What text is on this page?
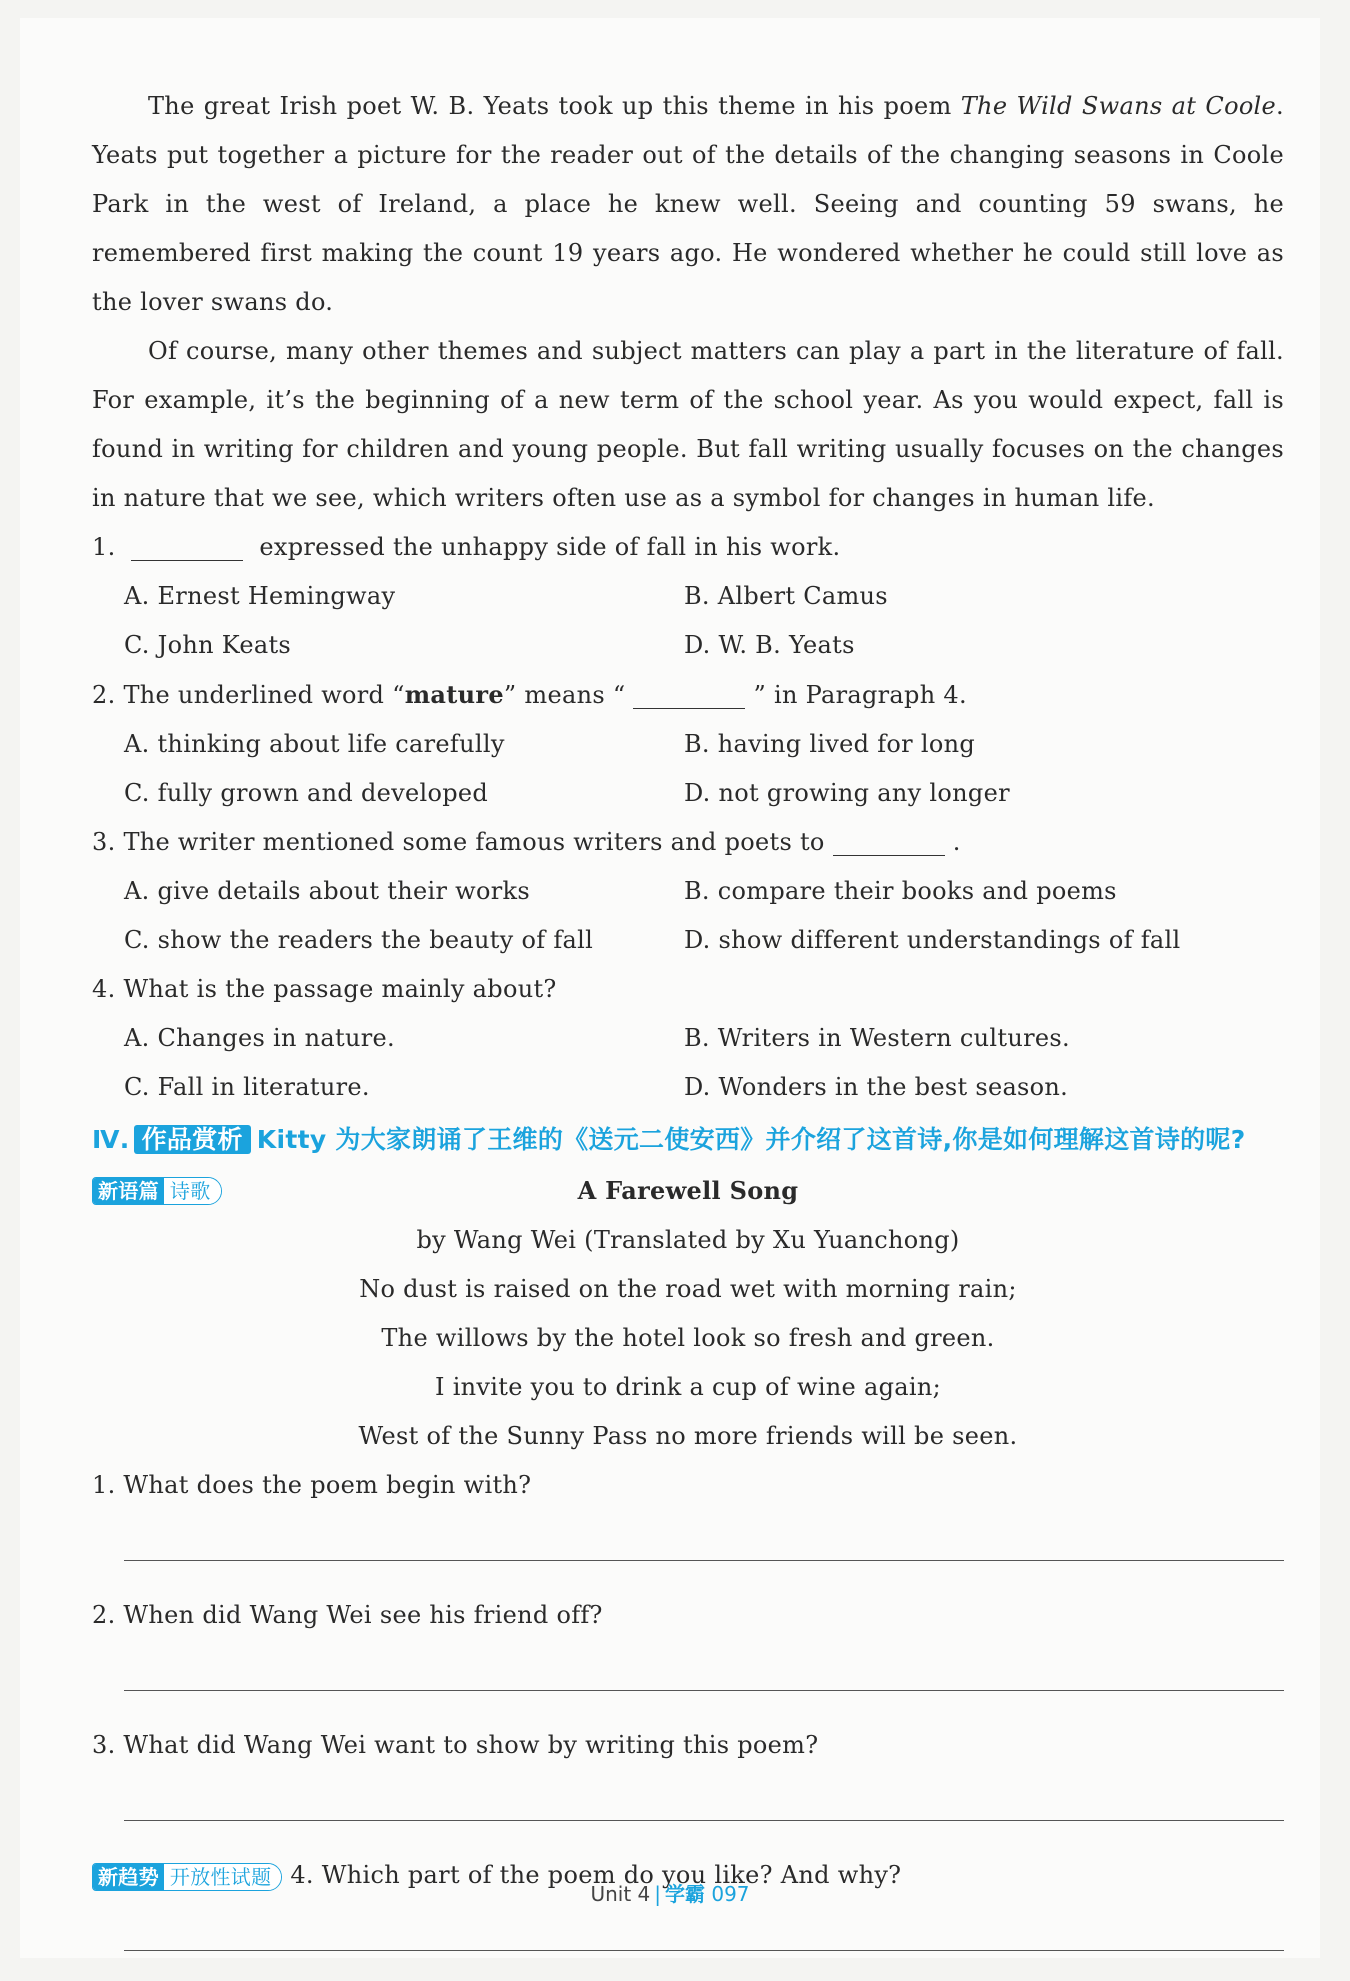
The great Irish poet W. B. Yeats took up this theme in his poem The Wild Swans at Coole. Yeats put together a picture for the reader out of the details of the changing seasons in Coole Park in the west of Ireland, a place he knew well. Seeing and counting 59 swans, he remembered first making the count 19 years ago. He wondered whether he could still love as the lover swans do.

Of course, many other themes and subject matters can play a part in the literature of fall. For example, it’s the beginning of a new term of the school year. As you would expect, fall is found in writing for children and young people. But fall writing usually focuses on the changes in nature that we see, which writers often use as a symbol for changes in human life.

1.	expressed the unhappy side of fall in his work.
A. Ernest Hemingway	B. Albert Camus
C. John Keats	D. W. B. Yeats
2. The underlined word “mature” means “	” in Paragraph 4.
A. thinking about life carefully	B. having lived for long
C. fully grown and developed	D. not growing any longer
3. The writer mentioned some famous writers and poets to	.
A. give details about their works	B. compare their books and poems
C. show the readers the beauty of fall	D. show different understandings of fall
4. What is the passage mainly about?
A. Changes in nature.	B. Writers in Western cultures.
C. Fall in literature.	D. Wonders in the best season.
Ⅳ. 作品赏析 Kitty 为大家朗诵了王维的《送元二使安西》并介绍了这首诗,你是如何理解这首诗的呢?
新语篇 诗歌	A Farewell Song
by Wang Wei (Translated by Xu Yuanchong)
No dust is raised on the road wet with morning rain;
The willows by the hotel look so fresh and green.
I invite you to drink a cup of wine again;
West of the Sunny Pass no more friends will be seen.
1. What does the poem begin with?
2. When did Wang Wei see his friend off?
3. What did Wang Wei want to show by writing this poem?
新趋势 开放性试题 4. Which part of the poem do you like? And why?
Unit 4 | 学霸 097
